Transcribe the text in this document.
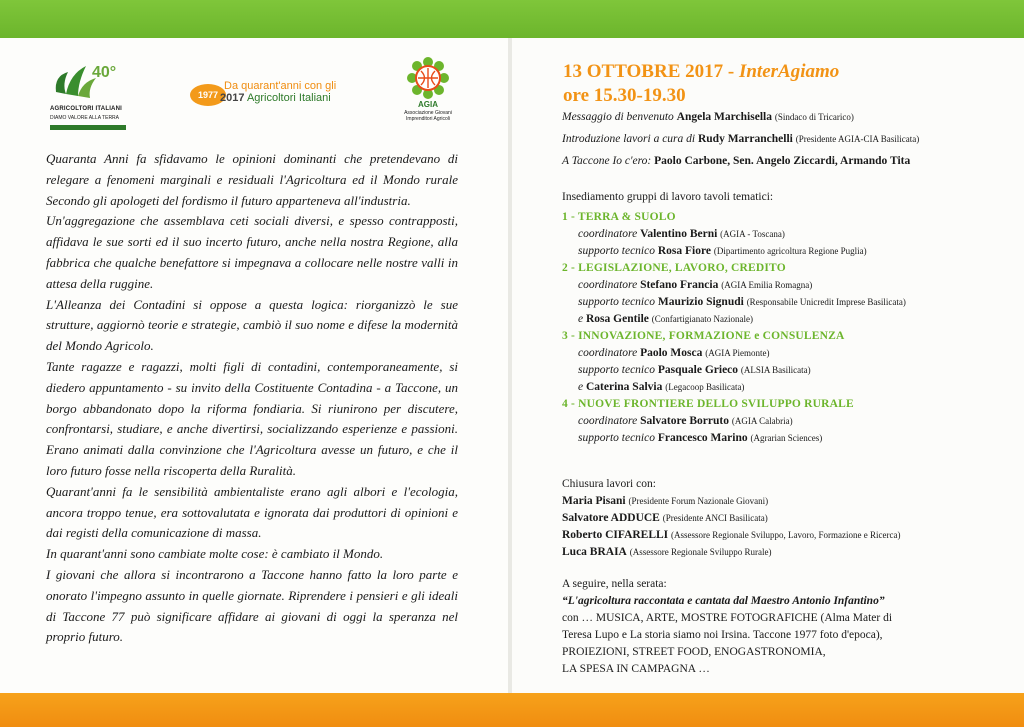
40°
AGRICOLTORI ITALIANI
DIAMO VALORE ALLA TERRA
1977
Da quarant'anni con gli
2017 Agricoltori Italiani
AGIA
Associazione Giovani Imprenditori Agricoli

Quaranta Anni fa sfidavamo le opinioni dominanti che pretendevano di relegare a fenomeni marginali e residuali l'Agricoltura ed il Mondo rurale Secondo gli apologeti del fordismo il futuro apparteneva all'industria.

Un'aggregazione che assemblava ceti sociali diversi, e spesso contrapposti, affidava le sue sorti ed il suo incerto futuro, anche nella nostra Regione, alla fabbrica che qualche benefattore si impegnava a collocare nelle nostre valli in attesa della ruggine.

L'Alleanza dei Contadini si oppose a questa logica: riorganizzò le sue strutture, aggiornò teorie e strategie, cambiò il suo nome e difese la modernità del Mondo Agricolo.

Tante ragazze e ragazzi, molti figli di contadini, contemporaneamente, si diedero appuntamento - su invito della Costituente Contadina - a Taccone, un borgo abbandonato dopo la riforma fondiaria. Si riunirono per discutere, confrontarsi, studiare, e anche divertirsi, socializzando esperienze e passioni. Erano animati dalla convinzione che l'Agricoltura avesse un futuro, e che il loro futuro fosse nella riscoperta della Ruralità.

Quarant'anni fa le sensibilità ambientaliste erano agli albori e l'ecologia, ancora troppo tenue, era sottovalutata e ignorata dai produttori di opinioni e dai registi della comunicazione di massa.

In quarant'anni sono cambiate molte cose: è cambiato il Mondo.

I giovani che allora si incontrarono a Taccone hanno fatto la loro parte e onorato l'impegno assunto in quelle giornate. Riprendere i pensieri e gli ideali di Taccone 77 può significare affidare ai giovani di oggi la speranza nel proprio futuro.

13 OTTOBRE 2017 - InterAgiamo
ore 15.30-19.30
Messaggio di benvenuto Angela Marchisella (Sindaco di Tricarico)
Introduzione lavori a cura di Rudy Marranchelli (Presidente AGIA-CIA Basilicata)
A Taccone Io c'ero: Paolo Carbone, Sen. Angelo Ziccardi, Armando Tita
Insediamento gruppi di lavoro tavoli tematici:
1 - TERRA & SUOLO
coordinatore Valentino Berni (AGIA - Toscana)
supporto tecnico Rosa Fiore (Dipartimento agricoltura Regione Puglia)
2 - LEGISLAZIONE, LAVORO, CREDITO
coordinatore Stefano Francia (AGIA Emilia Romagna)
supporto tecnico Maurizio Signudi (Responsabile Unicredit Imprese Basilicata)
e Rosa Gentile (Confartigianato Nazionale)
3 - INNOVAZIONE, FORMAZIONE e CONSULENZA
coordinatore Paolo Mosca (AGIA Piemonte)
supporto tecnico Pasquale Grieco (ALSIA Basilicata)
e Caterina Salvia (Legacoop Basilicata)
4 - NUOVE FRONTIERE DELLO SVILUPPO RURALE
coordinatore Salvatore Borruto (AGIA Calabria)
supporto tecnico Francesco Marino (Agrarian Sciences)
Chiusura lavori con:
Maria Pisani (Presidente Forum Nazionale Giovani)
Salvatore ADDUCE (Presidente ANCI Basilicata)
Roberto CIFARELLI (Assessore Regionale Sviluppo, Lavoro, Formazione e Ricerca)
Luca BRAIA (Assessore Regionale Sviluppo Rurale)
A seguire, nella serata:
“L'agricoltura raccontata e cantata dal Maestro Antonio Infantino”
con … MUSICA, ARTE, MOSTRE FOTOGRAFICHE (Alma Mater di
Teresa Lupo e La storia siamo noi Irsina. Taccone 1977 foto d'epoca),
PROIEZIONI, STREET FOOD, ENOGASTRONOMIA,
LA SPESA IN CAMPAGNA …
